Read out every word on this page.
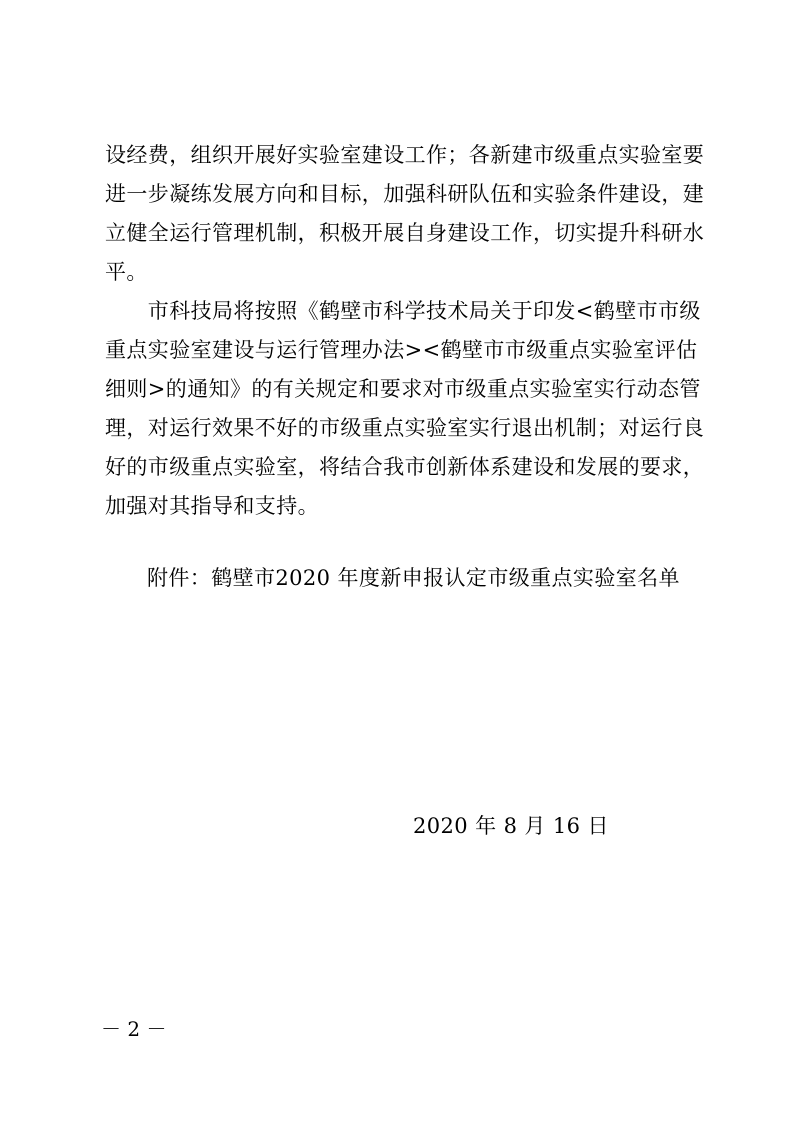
设经费，组织开展好实验室建设工作；各新建市级重点实验室要
进一步凝练发展方向和目标，加强科研队伍和实验条件建设，建
立健全运行管理机制，积极开展自身建设工作，切实提升科研水
平。
　　市科技局将按照《鹤壁市科学技术局关于印发<鹤壁市市级
重点实验室建设与运行管理办法><鹤壁市市级重点实验室评估
细则>的通知》的有关规定和要求对市级重点实验室实行动态管
理，对运行效果不好的市级重点实验室实行退出机制；对运行良
好的市级重点实验室，将结合我市创新体系建设和发展的要求，
加强对其指导和支持。
附件：鹤壁市2020 年度新申报认定市级重点实验室名单
2020 年 8 月 16 日
－ 2 －
